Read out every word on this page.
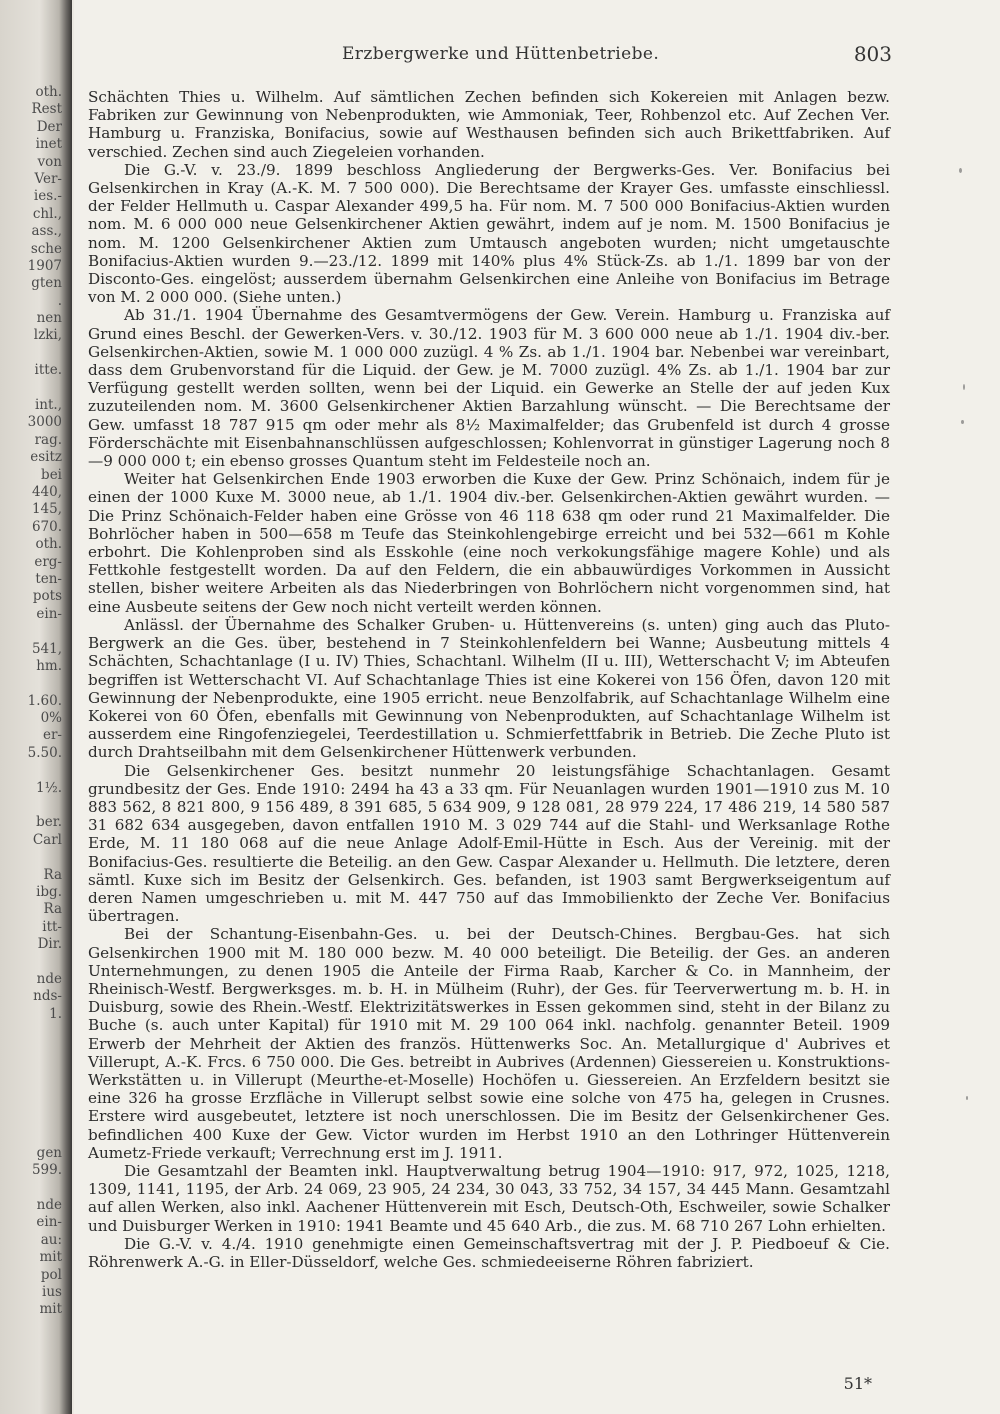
oth.
Rest
Der
inet
von
Ver-
ies.-
chl.,
ass.,
sche
1907
gten
.
nen
lzki,
itte.
int.,
3000
rag.
esitz
bei
440,
145,
670.
oth.
erg-
ten-
pots
ein-
541,
hm.
1.60.
0%
er-
5.50.
1½.
ber.
Carl
Ra
ibg.
Ra
itt-
Dir.
nde
nds-
1.
gen
599.
nde
ein-
au:
mit
pol
ius
mit
Erzbergwerke und Hüttenbetriebe.	803

Schächten Thies u. Wilhelm. Auf sämtlichen Zechen befinden sich Kokereien mit Anlagen bezw. Fabriken zur Gewinnung von Nebenprodukten, wie Ammoniak, Teer, Rohbenzol etc. Auf Zechen Ver. Hamburg u. Franziska, Bonifacius, sowie auf Westhausen befinden sich auch Brikettfabriken. Auf verschied. Zechen sind auch Ziegeleien vorhanden.

Die G.-V. v. 23./9. 1899 beschloss Angliederung der Bergwerks-Ges. Ver. Bonifacius bei Gelsenkirchen in Kray (A.-K. M. 7 500 000). Die Berechtsame der Krayer Ges. umfasste einschliessl. der Felder Hellmuth u. Caspar Alexander 499,5 ha. Für nom. M. 7 500 000 Bonifacius-Aktien wurden nom. M. 6 000 000 neue Gelsenkirchener Aktien gewährt, indem auf je nom. M. 1500 Bonifacius je nom. M. 1200 Gelsenkirchener Aktien zum Umtausch angeboten wurden; nicht umgetauschte Bonifacius-Aktien wurden 9.—23./12. 1899 mit 140% plus 4% Stück-Zs. ab 1./1. 1899 bar von der Disconto-Ges. eingelöst; ausserdem übernahm Gelsenkirchen eine Anleihe von Bonifacius im Betrage von M. 2 000 000. (Siehe unten.)

Ab 31./1. 1904 Übernahme des Gesamtvermögens der Gew. Verein. Hamburg u. Franziska auf Grund eines Beschl. der Gewerken-Vers. v. 30./12. 1903 für M. 3 600 000 neue ab 1./1. 1904 div.-ber. Gelsenkirchen-Aktien, sowie M. 1 000 000 zuzügl. 4 % Zs. ab 1./1. 1904 bar. Nebenbei war vereinbart, dass dem Grubenvorstand für die Liquid. der Gew. je M. 7000 zuzügl. 4% Zs. ab 1./1. 1904 bar zur Verfügung gestellt werden sollten, wenn bei der Liquid. ein Gewerke an Stelle der auf jeden Kux zuzuteilenden nom. M. 3600 Gelsenkirchener Aktien Barzahlung wünscht. — Die Berechtsame der Gew. umfasst 18 787 915 qm oder mehr als 8½ Maximalfelder; das Grubenfeld ist durch 4 grosse Förderschächte mit Eisenbahnanschlüssen aufgeschlossen; Kohlenvorrat in günstiger Lagerung noch 8—9 000 000 t; ein ebenso grosses Quantum steht im Feldesteile noch an.

Weiter hat Gelsenkirchen Ende 1903 erworben die Kuxe der Gew. Prinz Schönaich, indem für je einen der 1000 Kuxe M. 3000 neue, ab 1./1. 1904 div.-ber. Gelsenkirchen-Aktien gewährt wurden. — Die Prinz Schönaich-Felder haben eine Grösse von 46 118 638 qm oder rund 21 Maximalfelder. Die Bohrlöcher haben in 500—658 m Teufe das Steinkohlengebirge erreicht und bei 532—661 m Kohle erbohrt. Die Kohlenproben sind als Esskohle (eine noch verkokungsfähige magere Kohle) und als Fettkohle festgestellt worden. Da auf den Feldern, die ein abbauwürdiges Vorkommen in Aussicht stellen, bisher weitere Arbeiten als das Niederbringen von Bohrlöchern nicht vorgenommen sind, hat eine Ausbeute seitens der Gew noch nicht verteilt werden können.

Anlässl. der Übernahme des Schalker Gruben- u. Hüttenvereins (s. unten) ging auch das Pluto-Bergwerk an die Ges. über, bestehend in 7 Steinkohlenfeldern bei Wanne; Ausbeutung mittels 4 Schächten, Schachtanlage (I u. IV) Thies, Schachtanl. Wilhelm (II u. III), Wetterschacht V; im Abteufen begriffen ist Wetterschacht VI. Auf Schachtanlage Thies ist eine Kokerei von 156 Öfen, davon 120 mit Gewinnung der Nebenprodukte, eine 1905 erricht. neue Benzolfabrik, auf Schachtanlage Wilhelm eine Kokerei von 60 Öfen, ebenfalls mit Gewinnung von Nebenprodukten, auf Schachtanlage Wilhelm ist ausserdem eine Ringofenziegelei, Teerdestillation u. Schmierfettfabrik in Betrieb. Die Zeche Pluto ist durch Drahtseilbahn mit dem Gelsenkirchener Hüttenwerk verbunden.

Die Gelsenkirchener Ges. besitzt nunmehr 20 leistungsfähige Schachtanlagen. Gesamt grundbesitz der Ges. Ende 1910: 2494 ha 43 a 33 qm. Für Neuanlagen wurden 1901—1910 zus M. 10 883 562, 8 821 800, 9 156 489, 8 391 685, 5 634 909, 9 128 081, 28 979 224, 17 486 219, 14 580 587 31 682 634 ausgegeben, davon entfallen 1910 M. 3 029 744 auf die Stahl- und Werksanlage Rothe Erde, M. 11 180 068 auf die neue Anlage Adolf-Emil-Hütte in Esch. Aus der Vereinig. mit der Bonifacius-Ges. resultierte die Beteilig. an den Gew. Caspar Alexander u. Hellmuth. Die letztere, deren sämtl. Kuxe sich im Besitz der Gelsenkirch. Ges. befanden, ist 1903 samt Bergwerkseigentum auf deren Namen umgeschrieben u. mit M. 447 750 auf das Immobilienkto der Zeche Ver. Bonifacius übertragen.

Bei der Schantung-Eisenbahn-Ges. u. bei der Deutsch-Chines. Bergbau-Ges. hat sich Gelsenkirchen 1900 mit M. 180 000 bezw. M. 40 000 beteiligt. Die Beteilig. der Ges. an anderen Unternehmungen, zu denen 1905 die Anteile der Firma Raab, Karcher & Co. in Mannheim, der Rheinisch-Westf. Bergwerksges. m. b. H. in Mülheim (Ruhr), der Ges. für Teerverwertung m. b. H. in Duisburg, sowie des Rhein.-Westf. Elektrizitätswerkes in Essen gekommen sind, steht in der Bilanz zu Buche (s. auch unter Kapital) für 1910 mit M. 29 100 064 inkl. nachfolg. genannter Beteil. 1909 Erwerb der Mehrheit der Aktien des französ. Hüttenwerks Soc. An. Metallurgique d' Aubrives et Villerupt, A.-K. Frcs. 6 750 000. Die Ges. betreibt in Aubrives (Ardennen) Giessereien u. Konstruktions-Werkstätten u. in Villerupt (Meurthe-et-Moselle) Hochöfen u. Giessereien. An Erzfeldern besitzt sie eine 326 ha grosse Erzfläche in Villerupt selbst sowie eine solche von 475 ha, gelegen in Crusnes. Erstere wird ausgebeutet, letztere ist noch unerschlossen. Die im Besitz der Gelsenkirchener Ges. befindlichen 400 Kuxe der Gew. Victor wurden im Herbst 1910 an den Lothringer Hüttenverein Aumetz-Friede verkauft; Verrechnung erst im J. 1911.

Die Gesamtzahl der Beamten inkl. Hauptverwaltung betrug 1904—1910: 917, 972, 1025, 1218, 1309, 1141, 1195, der Arb. 24 069, 23 905, 24 234, 30 043, 33 752, 34 157, 34 445 Mann. Gesamtzahl auf allen Werken, also inkl. Aachener Hüttenverein mit Esch, Deutsch-Oth, Eschweiler, sowie Schalker und Duisburger Werken in 1910: 1941 Beamte und 45 640 Arb., die zus. M. 68 710 267 Lohn erhielten.

Die G.-V. v. 4./4. 1910 genehmigte einen Gemeinschaftsvertrag mit der J. P. Piedboeuf & Cie. Röhrenwerk A.-G. in Eller-Düsseldorf, welche Ges. schmiedeeiserne Röhren fabriziert.

51*
